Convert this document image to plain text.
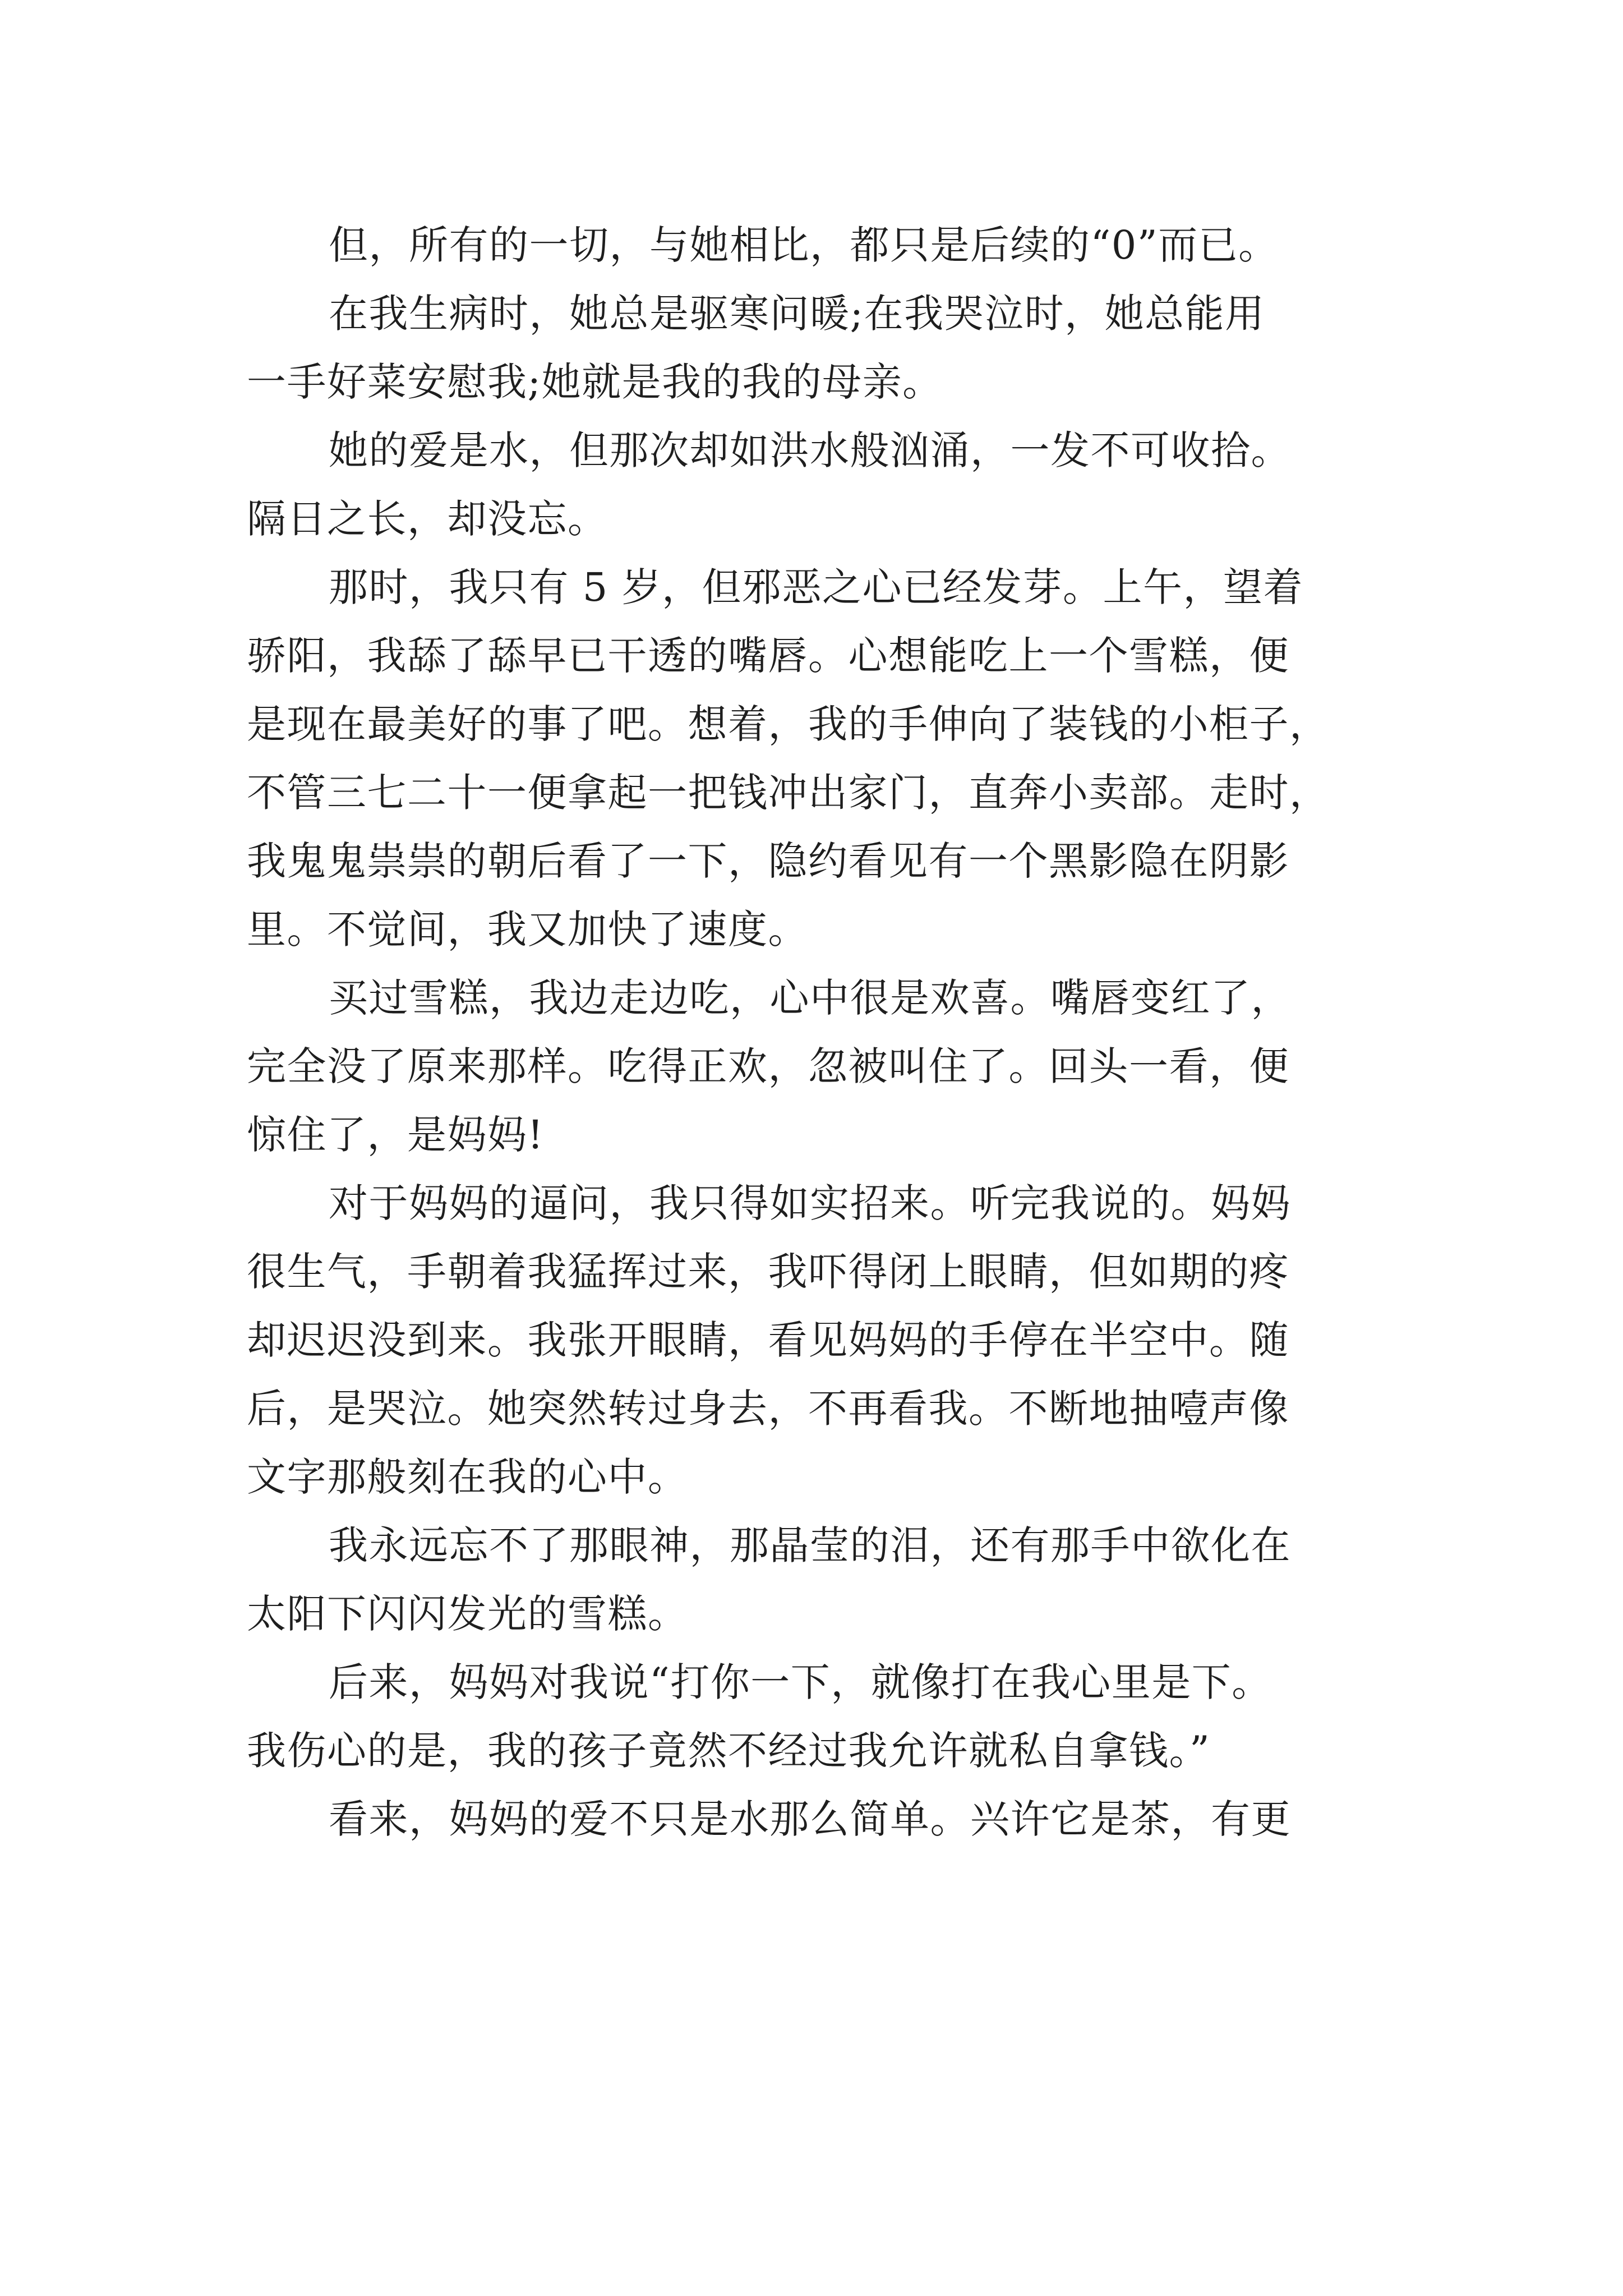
但，所有的一切，与她相比，都只是后续的“0”而已。
在我生病时，她总是驱寒问暖;在我哭泣时，她总能用
一手好菜安慰我;她就是我的我的母亲。
她的爱是水，但那次却如洪水般汹涌，一发不可收拾。
隔日之长，却没忘。
那时，我只有 5 岁，但邪恶之心已经发芽。上午，望着
骄阳，我舔了舔早已干透的嘴唇。心想能吃上一个雪糕，便
是现在最美好的事了吧。想着，我的手伸向了装钱的小柜子，
不管三七二十一便拿起一把钱冲出家门，直奔小卖部。走时，
我鬼鬼祟祟的朝后看了一下，隐约看见有一个黑影隐在阴影
里。不觉间，我又加快了速度。
买过雪糕，我边走边吃，心中很是欢喜。嘴唇变红了，
完全没了原来那样。吃得正欢，忽被叫住了。回头一看，便
惊住了，是妈妈!
对于妈妈的逼问，我只得如实招来。听完我说的。妈妈
很生气，手朝着我猛挥过来，我吓得闭上眼睛，但如期的疼
却迟迟没到来。我张开眼睛，看见妈妈的手停在半空中。随
后，是哭泣。她突然转过身去，不再看我。不断地抽噎声像
文字那般刻在我的心中。
我永远忘不了那眼神，那晶莹的泪，还有那手中欲化在
太阳下闪闪发光的雪糕。
后来，妈妈对我说“打你一下，就像打在我心里是下。
我伤心的是，我的孩子竟然不经过我允许就私自拿钱。”
看来，妈妈的爱不只是水那么简单。兴许它是茶，有更
